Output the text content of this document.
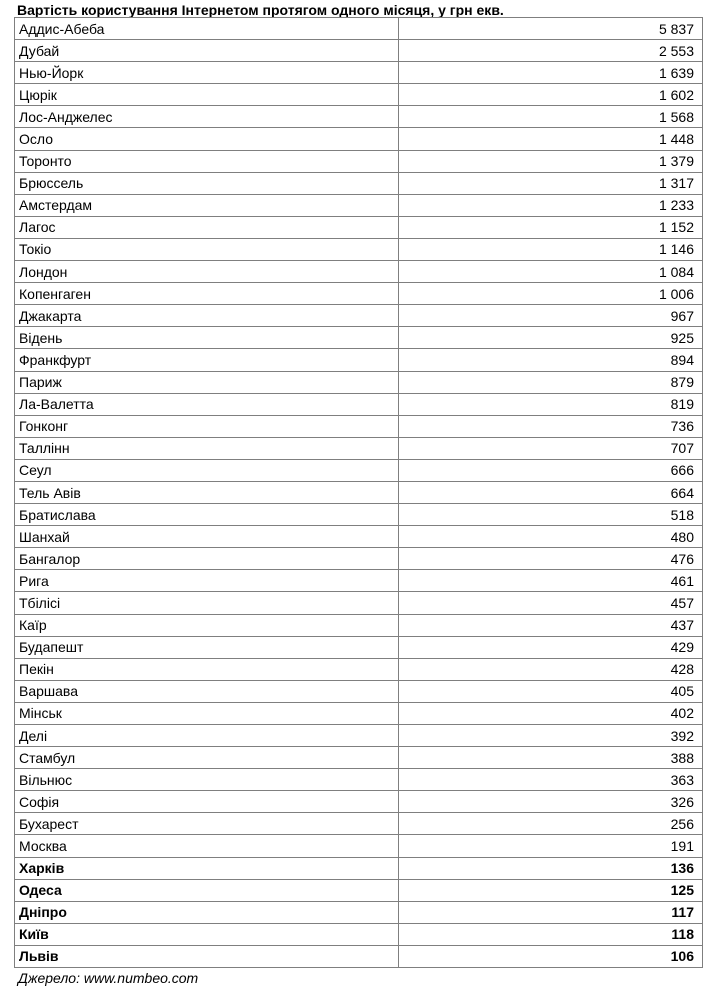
Вартість користування Інтернетом протягом одного місяця, у грн екв.
Аддис-Абеба	5 837
Дубай	2 553
Нью-Йорк	1 639
Цюрік	1 602
Лос-Анджелес	1 568
Осло	1 448
Торонто	1 379
Брюссель	1 317
Амстердам	1 233
Лагос	1 152
Токіо	1 146
Лондон	1 084
Копенгаген	1 006
Джакарта	967
Відень	925
Франкфурт	894
Париж	879
Ла-Валетта	819
Гонконг	736
Таллінн	707
Сеул	666
Тель Авів	664
Братислава	518
Шанхай	480
Бангалор	476
Рига	461
Тбілісі	457
Каїр	437
Будапешт	429
Пекін	428
Варшава	405
Мінськ	402
Делі	392
Стамбул	388
Вільнюс	363
Софія	326
Бухарест	256
Москва	191
Харків	136
Одеса	125
Дніпро	117
Київ	118
Львів	106
Джерело: www.numbeo.com
